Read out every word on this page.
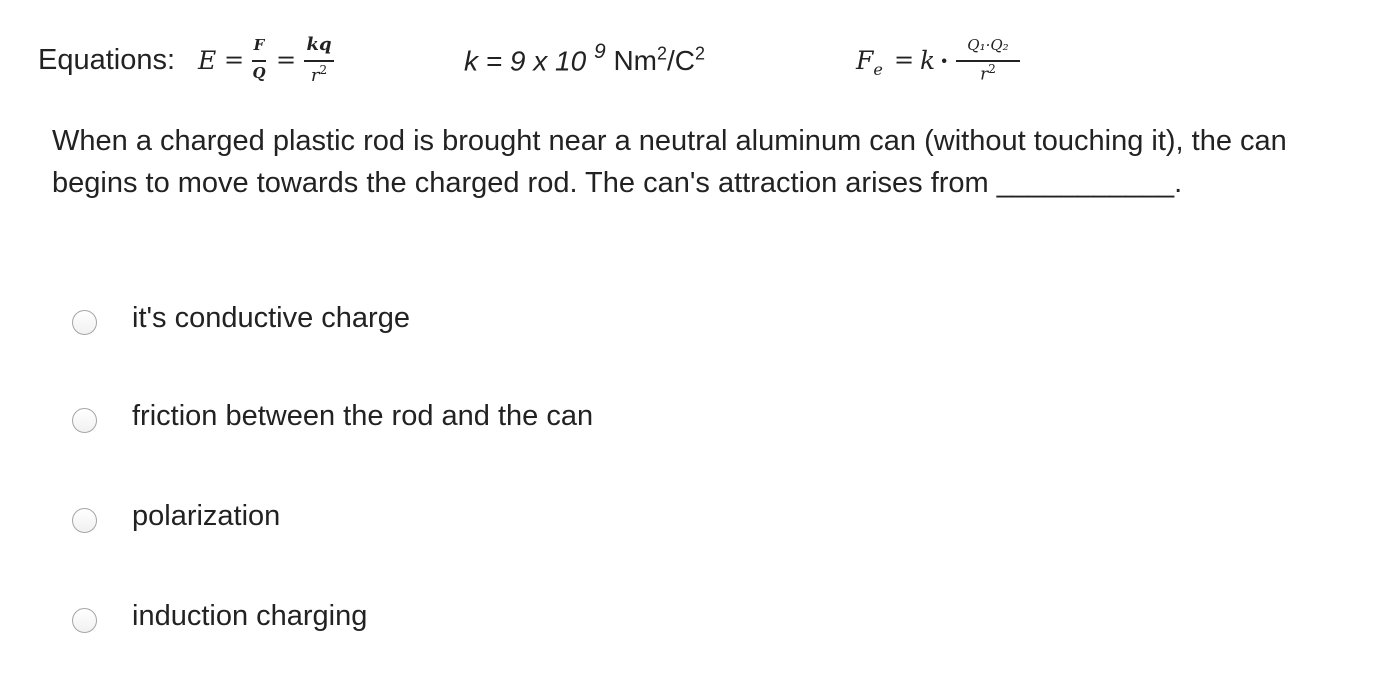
Equations: E =
F
Q =
kq
$r^2$	k = 9 x 10 $^9$ $Nm^2/C^2$	$F_e = k$ ·
Q₁·Q₂
$r^2$
When a charged plastic rod is brought near a neutral aluminum can (without touching it), the can begins to move towards the charged rod. The can's attraction arises from ___________.
it's conductive charge
friction between the rod and the can
polarization
induction charging
